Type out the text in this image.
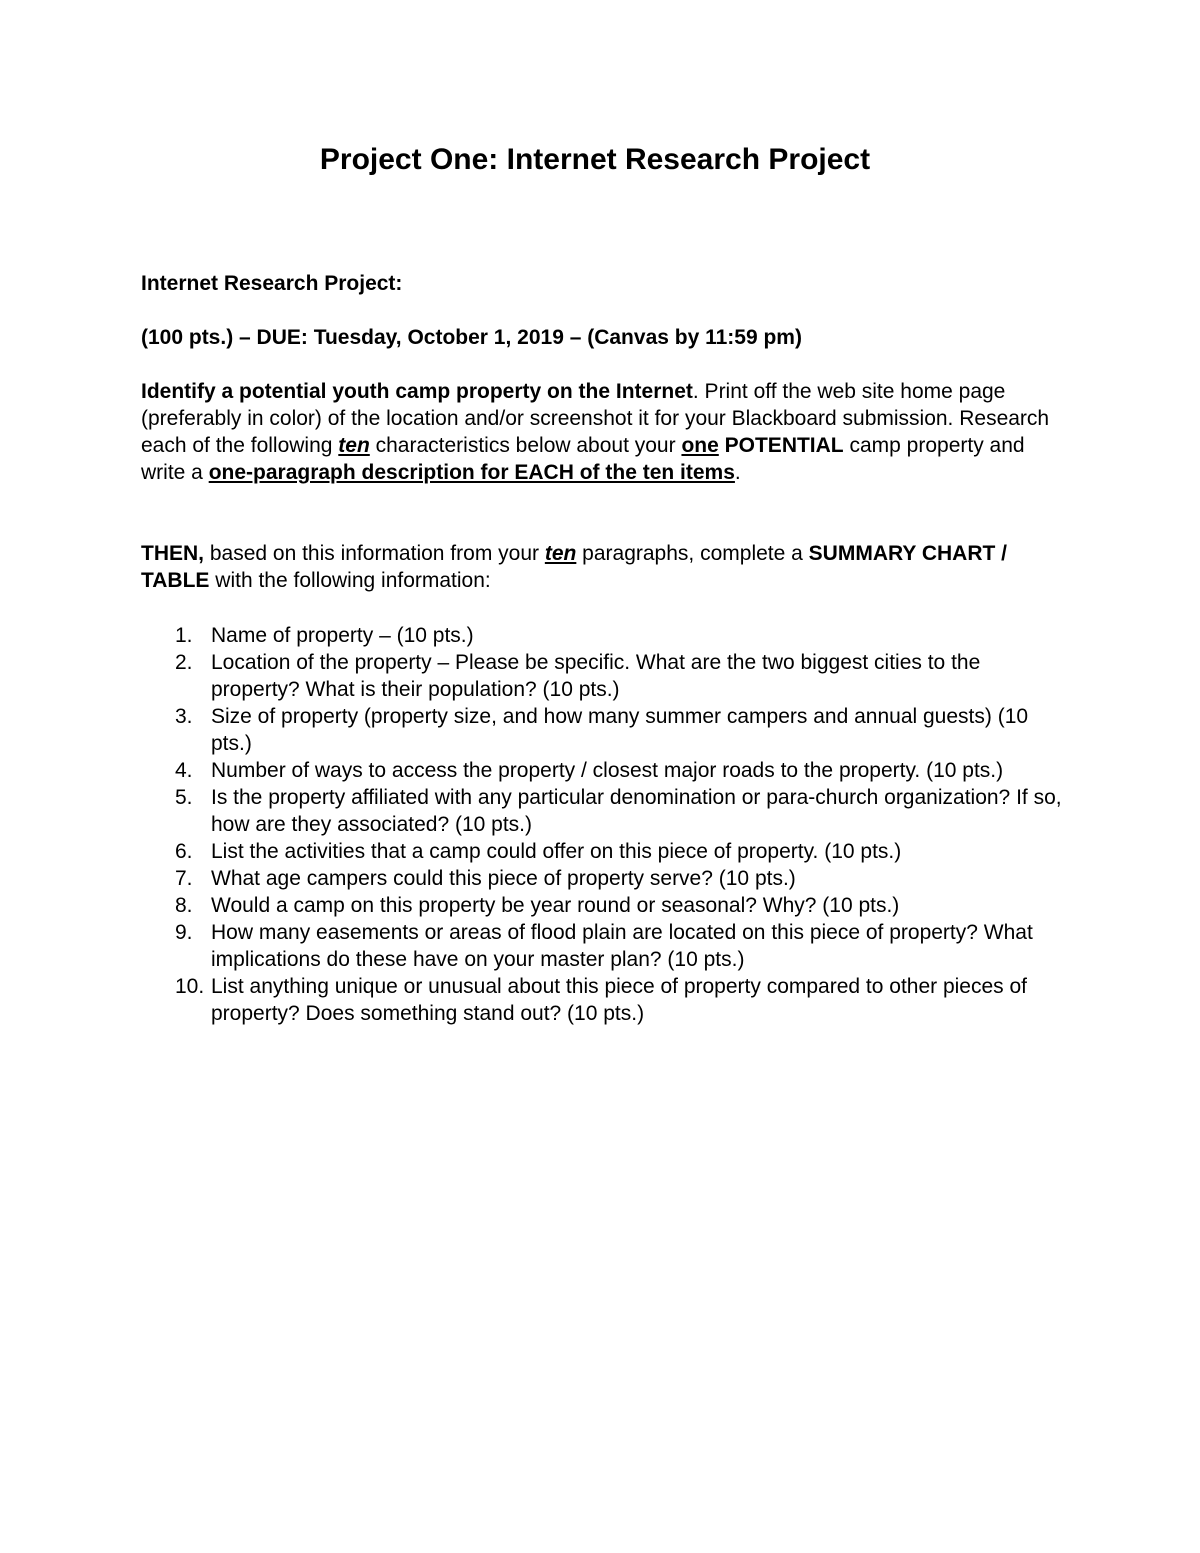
Project One: Internet Research Project

Internet Research Project:

(100 pts.) – DUE: Tuesday, October 1, 2019 – (Canvas by 11:59 pm)

Identify a potential youth camp property on the Internet. Print off the web site home page (preferably in color) of the location and/or screenshot it for your Blackboard submission. Research each of the following ten characteristics below about your one POTENTIAL camp property and write a one-paragraph description for EACH of the ten items.

THEN, based on this information from your ten paragraphs, complete a SUMMARY CHART / TABLE with the following information:

1. Name of property – (10 pts.)
2. Location of the property – Please be specific. What are the two biggest cities to the property? What is their population? (10 pts.)
3. Size of property (property size, and how many summer campers and annual guests) (10 pts.)
4. Number of ways to access the property / closest major roads to the property. (10 pts.)
5. Is the property affiliated with any particular denomination or para-church organization? If so, how are they associated? (10 pts.)
6. List the activities that a camp could offer on this piece of property. (10 pts.)
7. What age campers could this piece of property serve? (10 pts.)
8. Would a camp on this property be year round or seasonal? Why? (10 pts.)
9. How many easements or areas of flood plain are located on this piece of property? What implications do these have on your master plan? (10 pts.)
10. List anything unique or unusual about this piece of property compared to other pieces of property? Does something stand out? (10 pts.)
